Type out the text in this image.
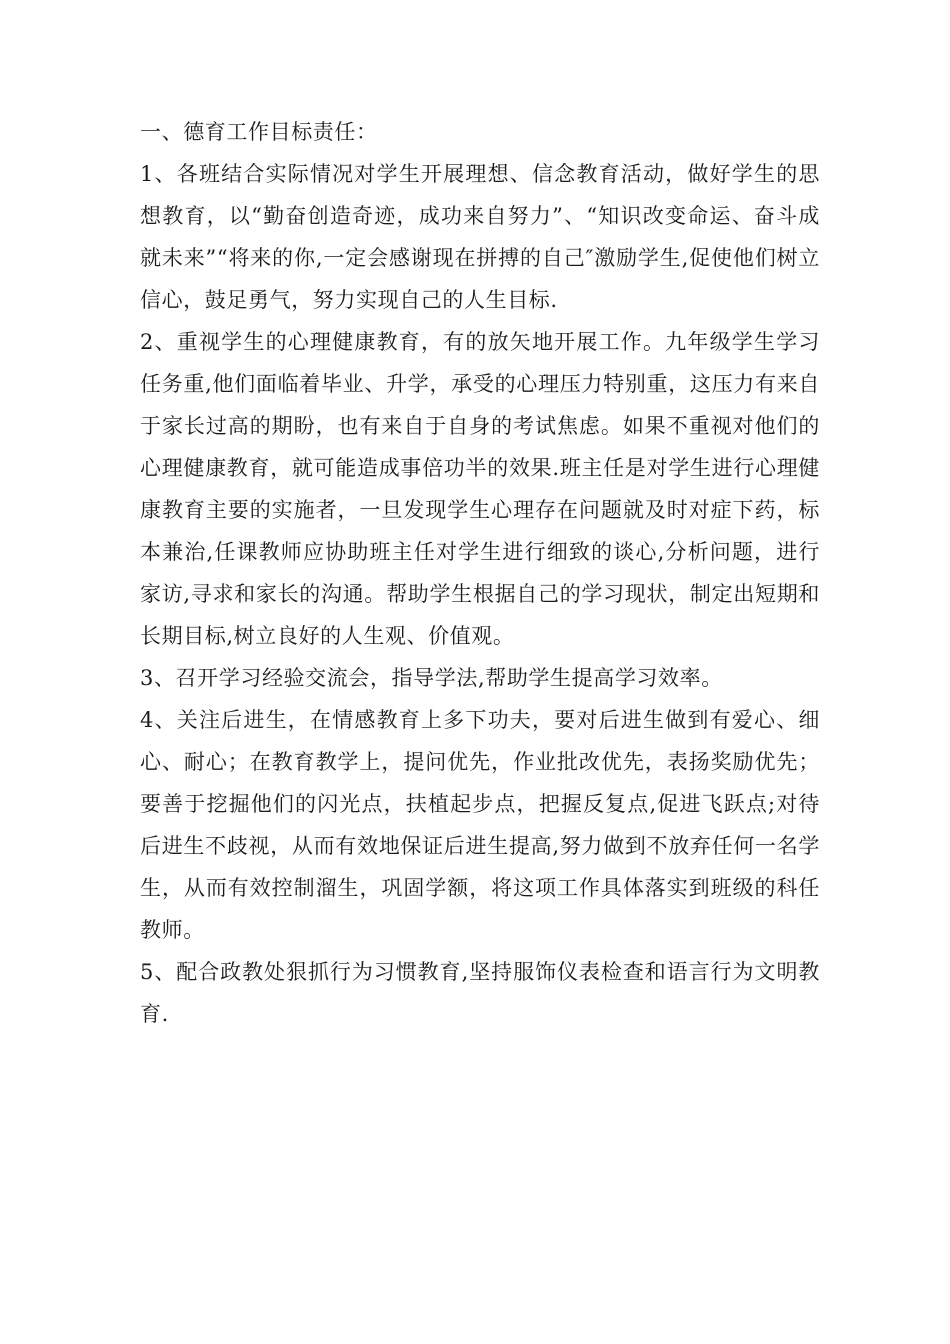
一、德育工作目标责任：

1、各班结合实际情况对学生开展理想、信念教育活动，做好学生的思想教育，以“勤奋创造奇迹，成功来自努力”、“知识改变命运、奋斗成就未来”“将来的你,一定会感谢现在拼搏的自己″激励学生,促使他们树立信心，鼓足勇气，努力实现自己的人生目标.

2、重视学生的心理健康教育，有的放矢地开展工作。九年级学生学习任务重,他们面临着毕业、升学，承受的心理压力特别重，这压力有来自于家长过高的期盼，也有来自于自身的考试焦虑。如果不重视对他们的心理健康教育，就可能造成事倍功半的效果.班主任是对学生进行心理健康教育主要的实施者，一旦发现学生心理存在问题就及时对症下药，标本兼治,任课教师应协助班主任对学生进行细致的谈心,分析问题，进行家访,寻求和家长的沟通。帮助学生根据自己的学习现状，制定出短期和长期目标,树立良好的人生观、价值观。

3、召开学习经验交流会，指导学法,帮助学生提高学习效率。

4、关注后进生，在情感教育上多下功夫，要对后进生做到有爱心、细心、耐心；在教育教学上，提问优先，作业批改优先，表扬奖励优先；要善于挖掘他们的闪光点，扶植起步点，把握反复点,促进飞跃点;对待后进生不歧视，从而有效地保证后进生提高,努力做到不放弃任何一名学生，从而有效控制溜生，巩固学额，将这项工作具体落实到班级的科任教师。

5、配合政教处狠抓行为习惯教育,坚持服饰仪表检查和语言行为文明教育.
